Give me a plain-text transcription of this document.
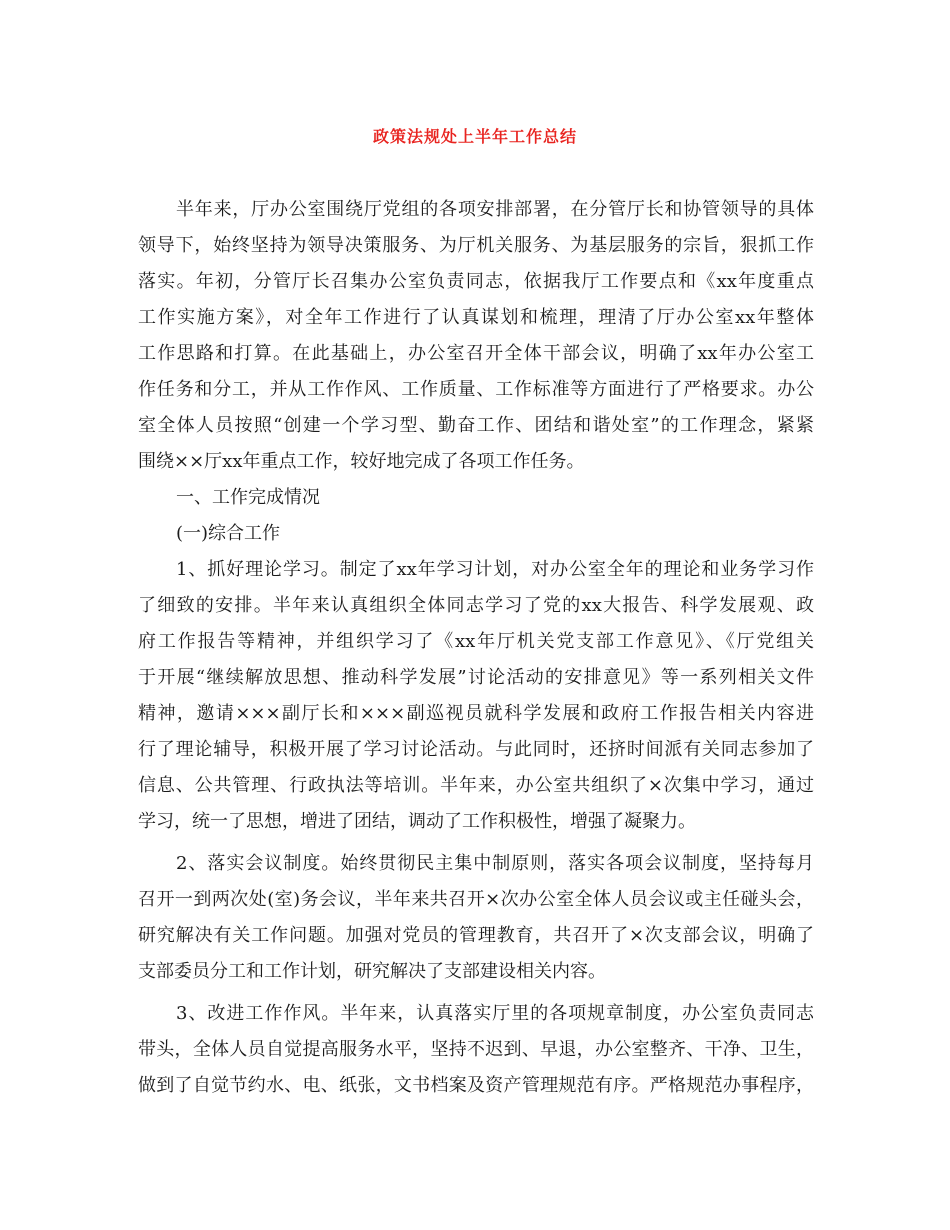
政策法规处上半年工作总结
半年来，厅办公室围绕厅党组的各项安排部署，在分管厅长和协管领导的具体
领导下，始终坚持为领导决策服务、为厅机关服务、为基层服务的宗旨，狠抓工作
落实。年初，分管厅长召集办公室负责同志，依据我厅工作要点和《xx年度重点
工作实施方案》，对全年工作进行了认真谋划和梳理，理清了厅办公室xx年整体
工作思路和打算。在此基础上，办公室召开全体干部会议，明确了xx年办公室工
作任务和分工，并从工作作风、工作质量、工作标准等方面进行了严格要求。办公
室全体人员按照“创建一个学习型、勤奋工作、团结和谐处室”的工作理念，紧紧
围绕××厅xx年重点工作，较好地完成了各项工作任务。
一、工作完成情况
(一)综合工作
1、抓好理论学习。制定了xx年学习计划，对办公室全年的理论和业务学习作
了细致的安排。半年来认真组织全体同志学习了党的xx大报告、科学发展观、政
府工作报告等精神，并组织学习了《xx年厅机关党支部工作意见》、《厅党组关
于开展“继续解放思想、推动科学发展”讨论活动的安排意见》等一系列相关文件
精神，邀请×××副厅长和×××副巡视员就科学发展和政府工作报告相关内容进
行了理论辅导，积极开展了学习讨论活动。与此同时，还挤时间派有关同志参加了
信息、公共管理、行政执法等培训。半年来，办公室共组织了×次集中学习，通过
学习，统一了思想，增进了团结，调动了工作积极性，增强了凝聚力。
2、落实会议制度。始终贯彻民主集中制原则，落实各项会议制度，坚持每月
召开一到两次处(室)务会议，半年来共召开×次办公室全体人员会议或主任碰头会，
研究解决有关工作问题。加强对党员的管理教育，共召开了×次支部会议，明确了
支部委员分工和工作计划，研究解决了支部建设相关内容。
3、改进工作作风。半年来，认真落实厅里的各项规章制度，办公室负责同志
带头，全体人员自觉提高服务水平，坚持不迟到、早退，办公室整齐、干净、卫生，
做到了自觉节约水、电、纸张，文书档案及资产管理规范有序。严格规范办事程序，
